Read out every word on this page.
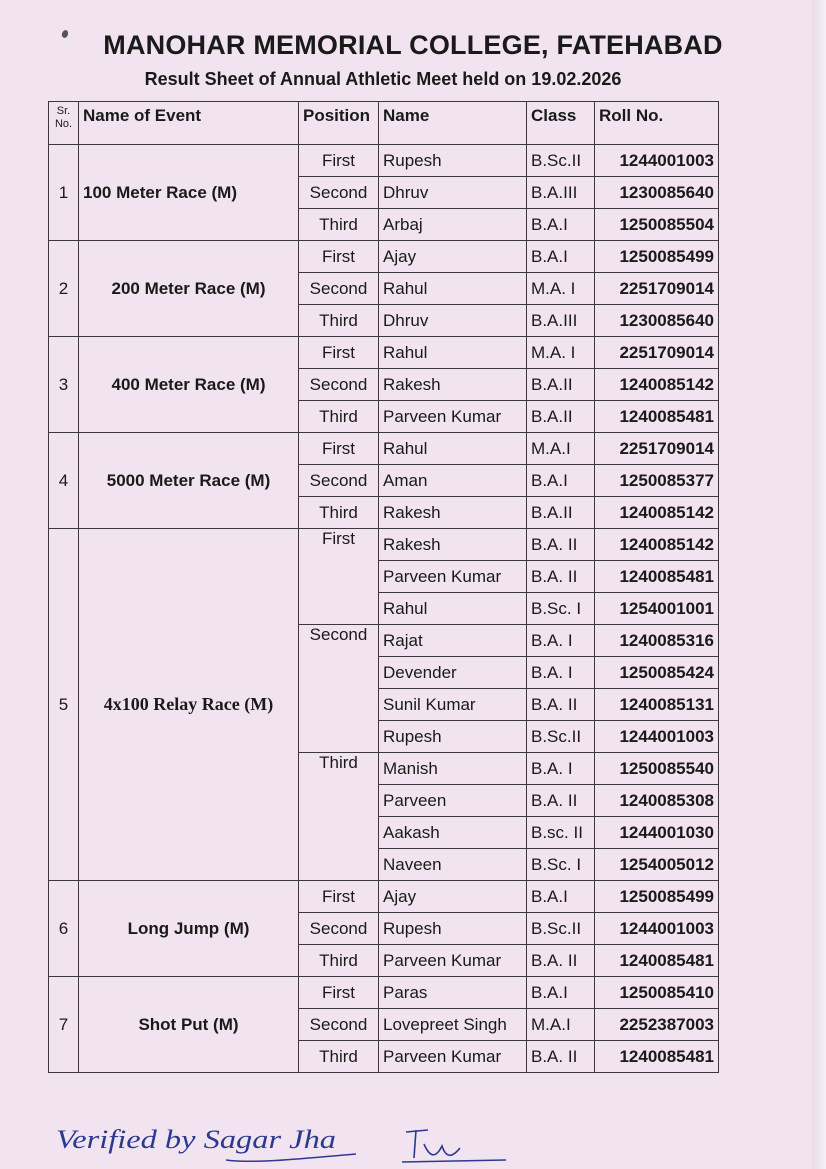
MANOHAR MEMORIAL COLLEGE, FATEHABAD
Result Sheet of Annual Athletic Meet held on 19.02.2026
Sr.
No.	Name of Event	Position	Name	Class	Roll No.
1	100 Meter Race (M)	First	Rupesh	B.Sc.II	1244001003
		Second	Dhruv	B.A.III	1230085640
		Third	Arbaj	B.A.I	1250085504
2	200 Meter Race (M)	First	Ajay	B.A.I	1250085499
		Second	Rahul	M.A. I	2251709014
		Third	Dhruv	B.A.III	1230085640
3	400 Meter Race (M)	First	Rahul	M.A. I	2251709014
		Second	Rakesh	B.A.II	1240085142
		Third	Parveen Kumar	B.A.II	1240085481
4	5000 Meter Race (M)	First	Rahul	M.A.I	2251709014
		Second	Aman	B.A.I	1250085377
		Third	Rakesh	B.A.II	1240085142
5	4x100 Relay Race (M)	First	Rakesh	B.A. II	1240085142
			Parveen Kumar	B.A. II	1240085481
			Rahul	B.Sc. I	1254001001
		Second	Rajat	B.A. I	1240085316
			Devender	B.A. I	1250085424
			Sunil Kumar	B.A. II	1240085131
			Rupesh	B.Sc.II	1244001003
		Third	Manish	B.A. I	1250085540
			Parveen	B.A. II	1240085308
			Aakash	B.sc. II	1244001030
			Naveen	B.Sc. I	1254005012
6	Long Jump (M)	First	Ajay	B.A.I	1250085499
		Second	Rupesh	B.Sc.II	1244001003
		Third	Parveen Kumar	B.A. II	1240085481
7	Shot Put (M)	First	Paras	B.A.I	1250085410
		Second	Lovepreet Singh	M.A.I	2252387003
		Third	Parveen Kumar	B.A. II	1240085481
Verified by Sagar Jha
